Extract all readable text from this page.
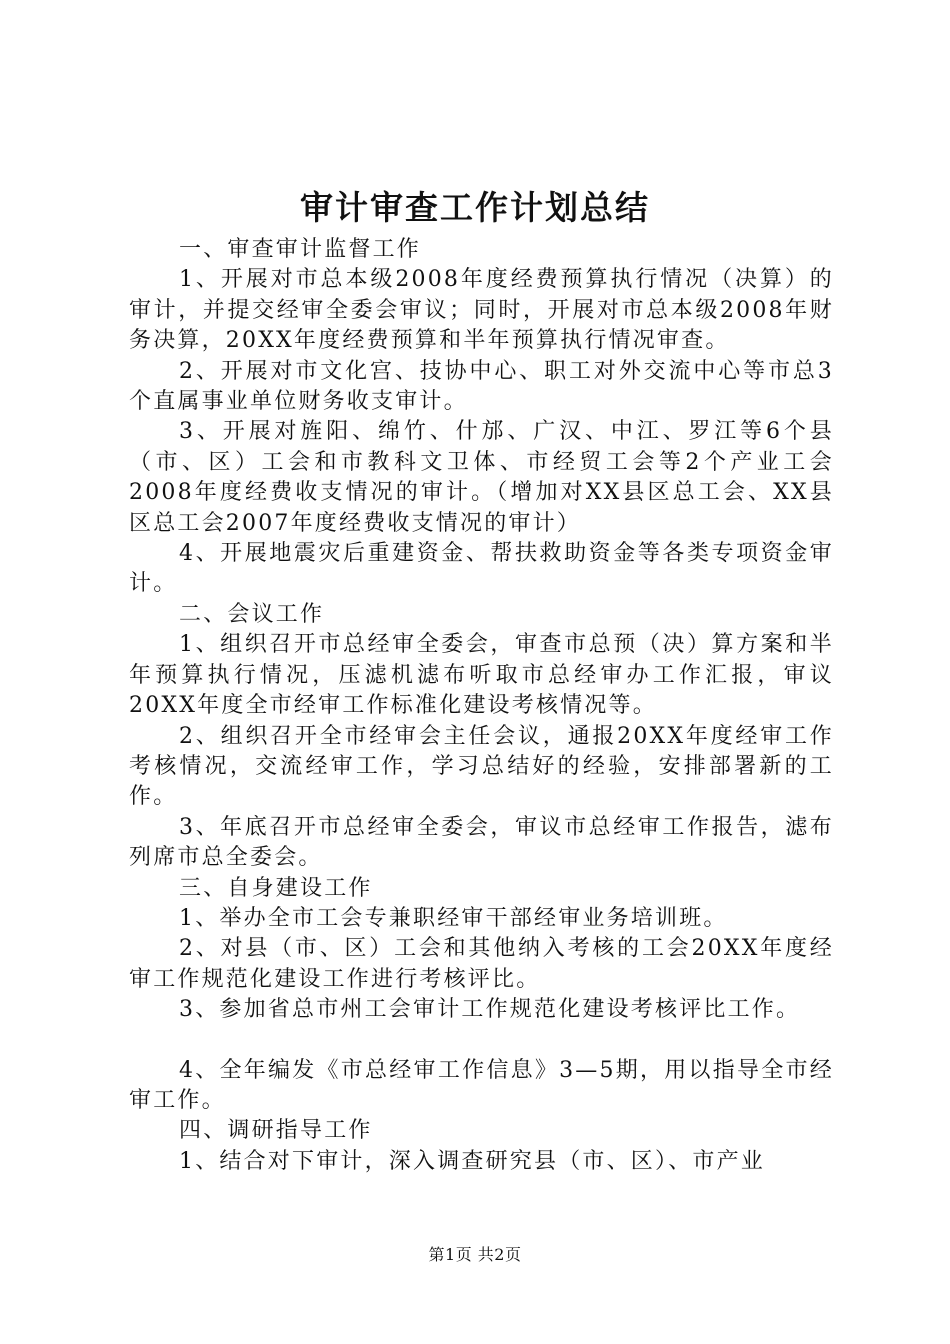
审计审查工作计划总结

一、审查审计监督工作

1、开展对市总本级2008年度经费预算执行情况（决算）的审计，并提交经审全委会审议；同时，开展对市总本级2008年财务决算，20XX年度经费预算和半年预算执行情况审查。

2、开展对市文化宫、技协中心、职工对外交流中心等市总3个直属事业单位财务收支审计。

3、开展对旌阳、绵竹、什邡、广汉、中江、罗江等6个县（市、区）工会和市教科文卫体、市经贸工会等2个产业工会2008年度经费收支情况的审计。（增加对XX县区总工会、XX县区总工会2007年度经费收支情况的审计）

4、开展地震灾后重建资金、帮扶救助资金等各类专项资金审计。

二、会议工作

1、组织召开市总经审全委会，审查市总预（决）算方案和半年预算执行情况，压滤机滤布听取市总经审办工作汇报，审议20XX年度全市经审工作标准化建设考核情况等。

2、组织召开全市经审会主任会议，通报20XX年度经审工作考核情况，交流经审工作，学习总结好的经验，安排部署新的工作。

3、年底召开市总经审全委会，审议市总经审工作报告，滤布列席市总全委会。

三、自身建设工作

1、举办全市工会专兼职经审干部经审业务培训班。

2、对县（市、区）工会和其他纳入考核的工会20XX年度经审工作规范化建设工作进行考核评比。

3、参加省总市州工会审计工作规范化建设考核评比工作。

4、全年编发《市总经审工作信息》3—5期，用以指导全市经审工作。

四、调研指导工作

1、结合对下审计，深入调查研究县（市、区）、市产业

第1页 共2页
